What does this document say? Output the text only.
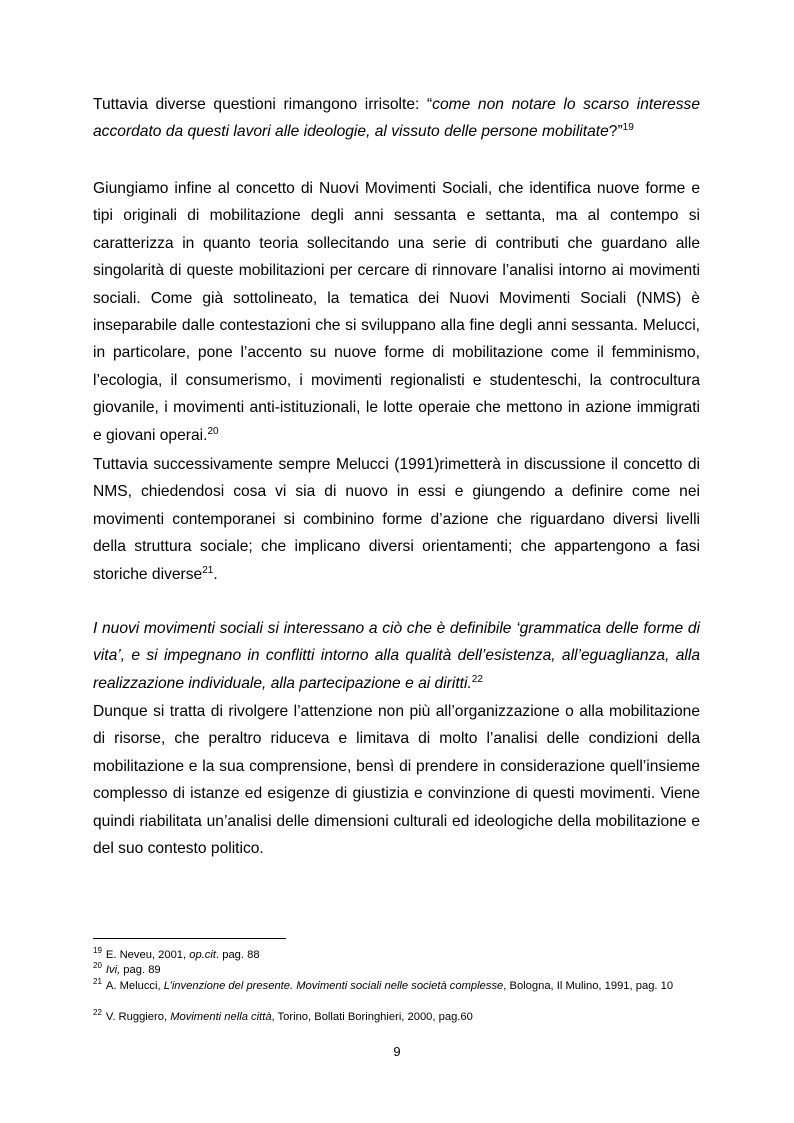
Tuttavia diverse questioni rimangono irrisolte: “come non notare lo scarso interesse accordato da questi lavori alle ideologie, al vissuto delle persone mobilitate?”$^{19}$

Giungiamo infine al concetto di Nuovi Movimenti Sociali, che identifica nuove forme e tipi originali di mobilitazione degli anni sessanta e settanta, ma al contempo si caratterizza in quanto teoria sollecitando una serie di contributi che guardano alle singolarità di queste mobilitazioni per cercare di rinnovare l’analisi intorno ai movimenti sociali. Come già sottolineato, la tematica dei Nuovi Movimenti Sociali (NMS) è inseparabile dalle contestazioni che si sviluppano alla fine degli anni sessanta. Melucci, in particolare, pone l’accento su nuove forme di mobilitazione come il femminismo, l’ecologia, il consumerismo, i movimenti regionalisti e studenteschi, la controcultura giovanile, i movimenti anti-istituzionali, le lotte operaie che mettono in azione immigrati e giovani operai.$^{20}$

Tuttavia successivamente sempre Melucci (1991)rimetterà in discussione il concetto di NMS, chiedendosi cosa vi sia di nuovo in essi e giungendo a definire come nei movimenti contemporanei si combinino forme d’azione che riguardano diversi livelli della struttura sociale; che implicano diversi orientamenti; che appartengono a fasi storiche diverse$^{21}$.

I nuovi movimenti sociali si interessano a ciò che è definibile ‘grammatica delle forme di vita’, e si impegnano in conflitti intorno alla qualità dell’esistenza, all’eguaglianza, alla realizzazione individuale, alla partecipazione e ai diritti.$^{22}$

Dunque si tratta di rivolgere l’attenzione non più all’organizzazione o alla mobilitazione di risorse, che peraltro riduceva e limitava di molto l’analisi delle condizioni della mobilitazione e la sua comprensione, bensì di prendere in considerazione quell’insieme complesso di istanze ed esigenze di giustizia e convinzione di questi movimenti. Viene quindi riabilitata un’analisi delle dimensioni culturali ed ideologiche della mobilitazione e del suo contesto politico.

$^{19}$ E. Neveu, 2001, op.cit. pag. 88

$^{20}$ Ivi, pag. 89

$^{21}$ A. Melucci, L’invenzione del presente. Movimenti sociali nelle società complesse, Bologna, Il Mulino, 1991, pag. 10

$^{22}$ V. Ruggiero, Movimenti nella città, Torino, Bollati Boringhieri, 2000, pag.60

9
